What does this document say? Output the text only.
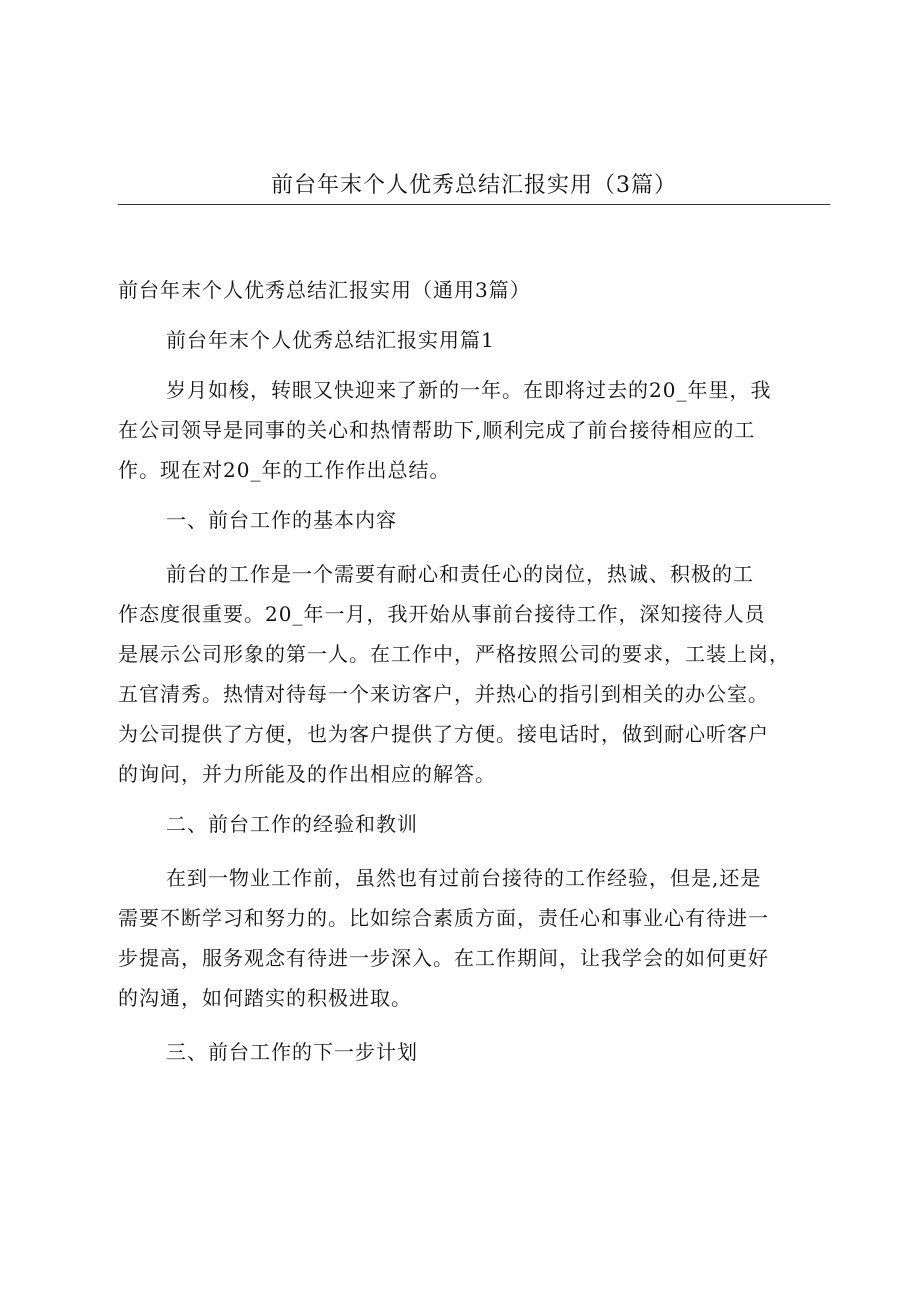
前台年末个人优秀总结汇报实用（3篇）
前台年末个人优秀总结汇报实用（通用3篇）
前台年末个人优秀总结汇报实用篇1
岁月如梭，转眼又快迎来了新的一年。在即将过去的20_年里，我
在公司领导是同事的关心和热情帮助下,顺利完成了前台接待相应的工
作。现在对20_年的工作作出总结。
一、前台工作的基本内容
前台的工作是一个需要有耐心和责任心的岗位，热诚、积极的工
作态度很重要。20_年一月，我开始从事前台接待工作，深知接待人员
是展示公司形象的第一人。在工作中，严格按照公司的要求，工装上岗，
五官清秀。热情对待每一个来访客户，并热心的指引到相关的办公室。
为公司提供了方便，也为客户提供了方便。接电话时，做到耐心听客户
的询问，并力所能及的作出相应的解答。
二、前台工作的经验和教训
在到一物业工作前，虽然也有过前台接待的工作经验，但是,还是
需要不断学习和努力的。比如综合素质方面，责任心和事业心有待进一
步提高，服务观念有待进一步深入。在工作期间，让我学会的如何更好
的沟通，如何踏实的积极进取。
三、前台工作的下一步计划
